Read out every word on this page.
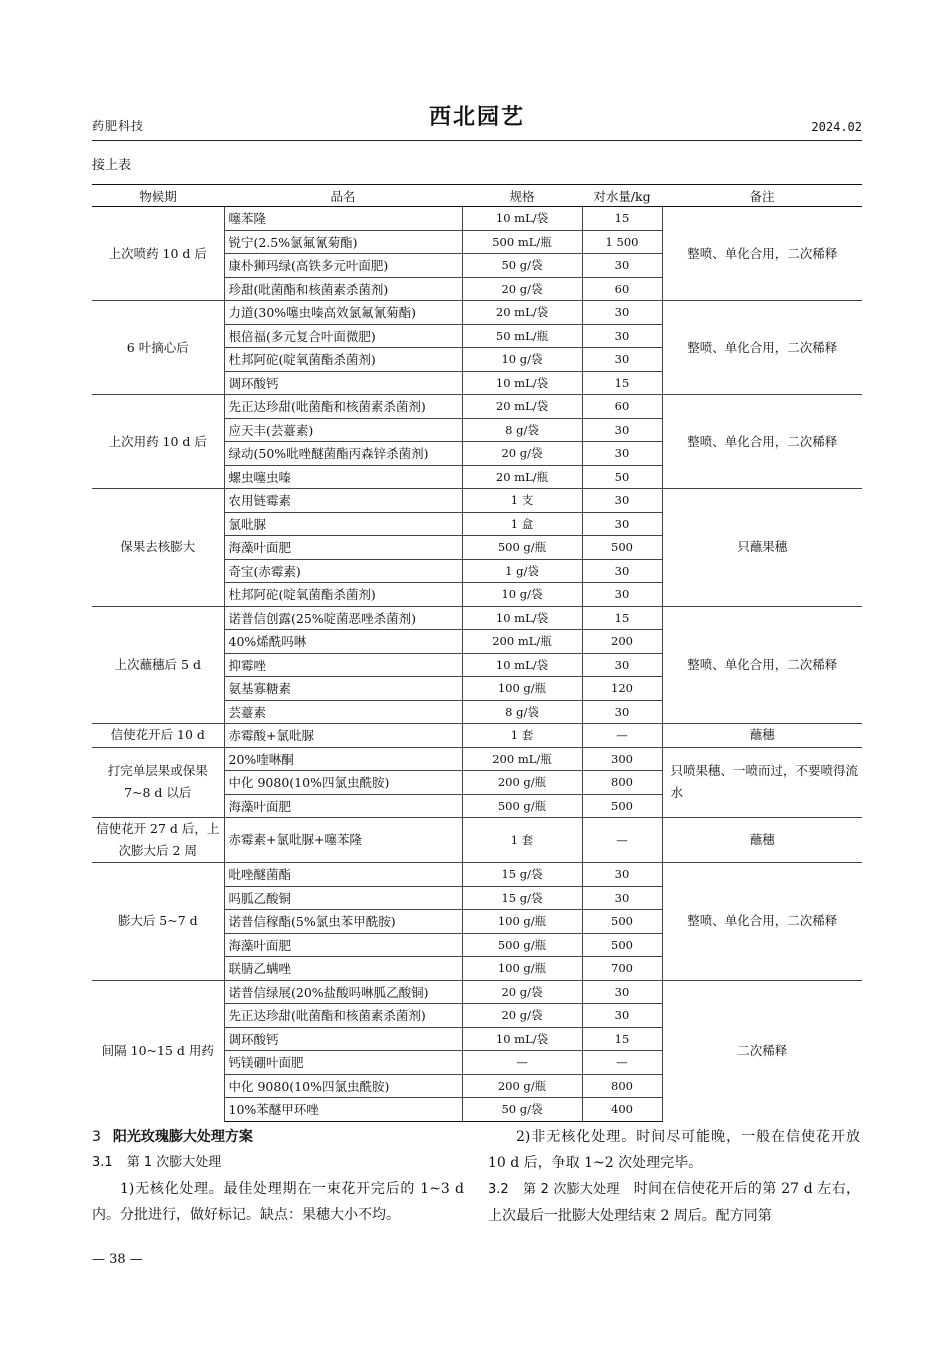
药肥科技	西北园艺	2024.02
接上表
物候期	品名	规格	对水量/kg	备注
上次喷药 10 d 后	噻苯隆	10 mL/袋	15	整喷、单化合用，二次稀释
	锐宁(2.5%氯氟氰菊酯)	500 mL/瓶	1 500	
	康朴狮玛绿(高铁多元叶面肥)	50 g/袋	30	
	珍甜(吡菌酯和核菌素杀菌剂)	20 g/袋	60	
6 叶摘心后	力道(30%噻虫嗪高效氯氟氰菊酯)	20 mL/袋	30	整喷、单化合用，二次稀释
	根倍福(多元复合叶面微肥)	50 mL/瓶	30	
	杜邦阿砣(啶氧菌酯杀菌剂)	10 g/袋	30	
	调环酸钙	10 mL/袋	15	
上次用药 10 d 后	先正达珍甜(吡菌酯和核菌素杀菌剂)	20 mL/袋	60	整喷、单化合用，二次稀释
	应天丰(芸薹素)	8 g/袋	30	
	绿动(50%吡唑醚菌酯丙森锌杀菌剂)	20 g/袋	30	
	螺虫噻虫嗪	20 mL/瓶	50	
保果去核膨大	农用链霉素	1 支	30	只蘸果穗
	氯吡脲	1 盒	30	
	海藻叶面肥	500 g/瓶	500	
	奇宝(赤霉素)	1 g/袋	30	
	杜邦阿砣(啶氧菌酯杀菌剂)	10 g/袋	30	
上次蘸穗后 5 d	诺普信创露(25%啶菌恶唑杀菌剂)	10 mL/袋	15	整喷、单化合用，二次稀释
	40%烯酰吗啉	200 mL/瓶	200	
	抑霉唑	10 mL/袋	30	
	氨基寡糖素	100 g/瓶	120	
	芸薹素	8 g/袋	30	
信使花开后 10 d	赤霉酸+氯吡脲	1 套	—	蘸穗
打完单层果或保果 7~8 d 以后	20%喹啉酮	200 mL/瓶	300	只喷果穗、一喷而过，不要喷得流水
	中化 9080(10%四氯虫酰胺)	200 g/瓶	800	
	海藻叶面肥	500 g/瓶	500	
信使花开 27 d 后，上次膨大后 2 周	赤霉素+氯吡脲+噻苯隆	1 套	—	蘸穗
膨大后 5~7 d	吡唑醚菌酯	15 g/袋	30	整喷、单化合用，二次稀释
	吗胍乙酸铜	15 g/袋	30	
	诺普信稼酯(5%氯虫苯甲酰胺)	100 g/瓶	500	
	海藻叶面肥	500 g/瓶	500	
	联腈乙螨唑	100 g/瓶	700	
间隔 10~15 d 用药	诺普信绿展(20%盐酸吗啉胍乙酸铜)	20 g/袋	30	二次稀释
	先正达珍甜(吡菌酯和核菌素杀菌剂)	20 g/袋	30	
	调环酸钙	10 mL/袋	15	
	钙镁硼叶面肥	—	—	
	中化 9080(10%四氯虫酰胺)	200 g/瓶	800	
	10%苯醚甲环唑	50 g/袋	400	
3 阳光玫瑰膨大处理方案
3.1 第 1 次膨大处理

1)无核化处理。最佳处理期在一束花开完后的 1~3 d 内。分批进行，做好标记。缺点：果穗大小不均。

2)非无核化处理。时间尽可能晚，一般在信使花开放 10 d 后，争取 1~2 次处理完毕。

3.2 第 2 次膨大处理 时间在信使花开后的第 27 d 左右，上次最后一批膨大处理结束 2 周后。配方同第

— 38 —
